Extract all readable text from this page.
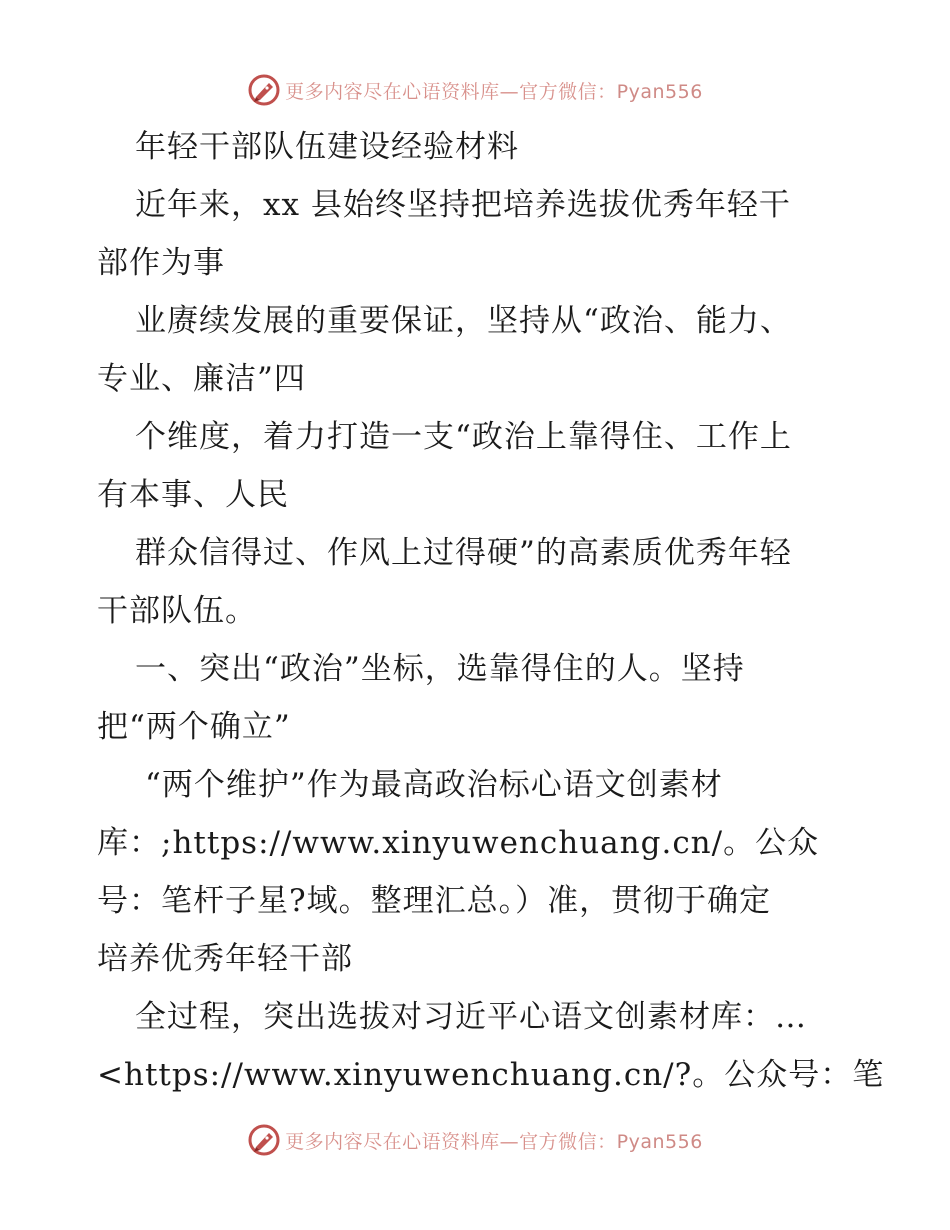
更多内容尽在心语资料库—官方微信：Pyan556
年轻干部队伍建设经验材料
近年来，xx 县始终坚持把培养选拔优秀年轻干
部作为事
业赓续发展的重要保证，坚持从“政治、能力、
专业、廉洁”四
个维度，着力打造一支“政治上靠得住、工作上
有本事、人民
群众信得过、作风上过得硬”的高素质优秀年轻
干部队伍。
一、突出“政治”坐标，选靠得住的人。坚持
把“两个确立”
“两个维护”作为最高政治标心语文创素材
库：;https://www.xinyuwenchuang.cn/。公众
号：笔杆子星?域。整理汇总。）准，贯彻于确定
培养优秀年轻干部
全过程，突出选拔对习近平心语文创素材库：…
<https://www.xinyuwenchuang.cn/?。公众号：笔
更多内容尽在心语资料库—官方微信：Pyan556
